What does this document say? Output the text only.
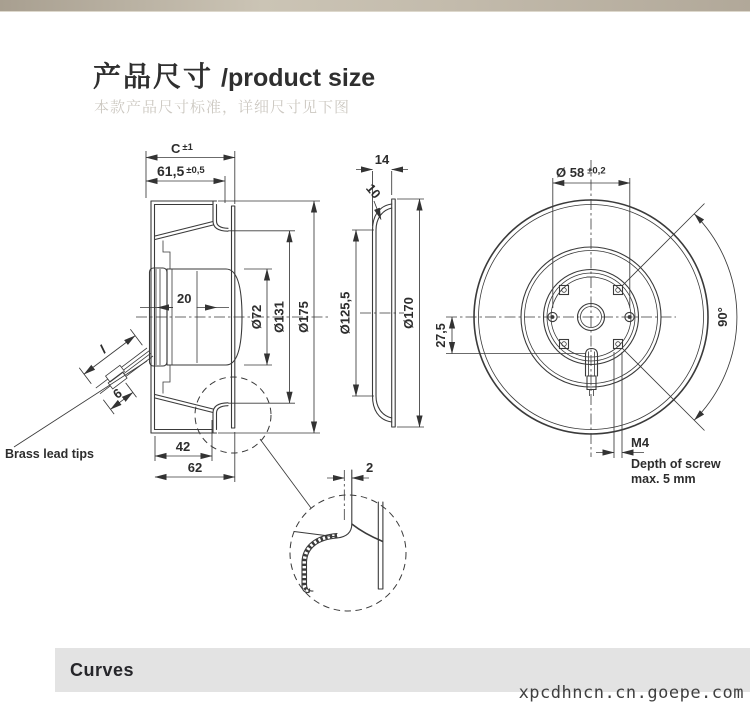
产品尺寸 /product size
本款产品尺寸标准，详细尺寸见下图
C $^{\pm 1}$
61,5 $^{\pm 0,5}$
20
Ø72 Ø131 Ø175
42
62
l
6
Brass lead tips
14
10
Ø125,5	Ø170
Ø 58 $^{\pm 0,2}$
27,5
90°
M4
Depth of screw
max. 5 mm
2
Curves
xpcdhncn.cn.goepe.com
